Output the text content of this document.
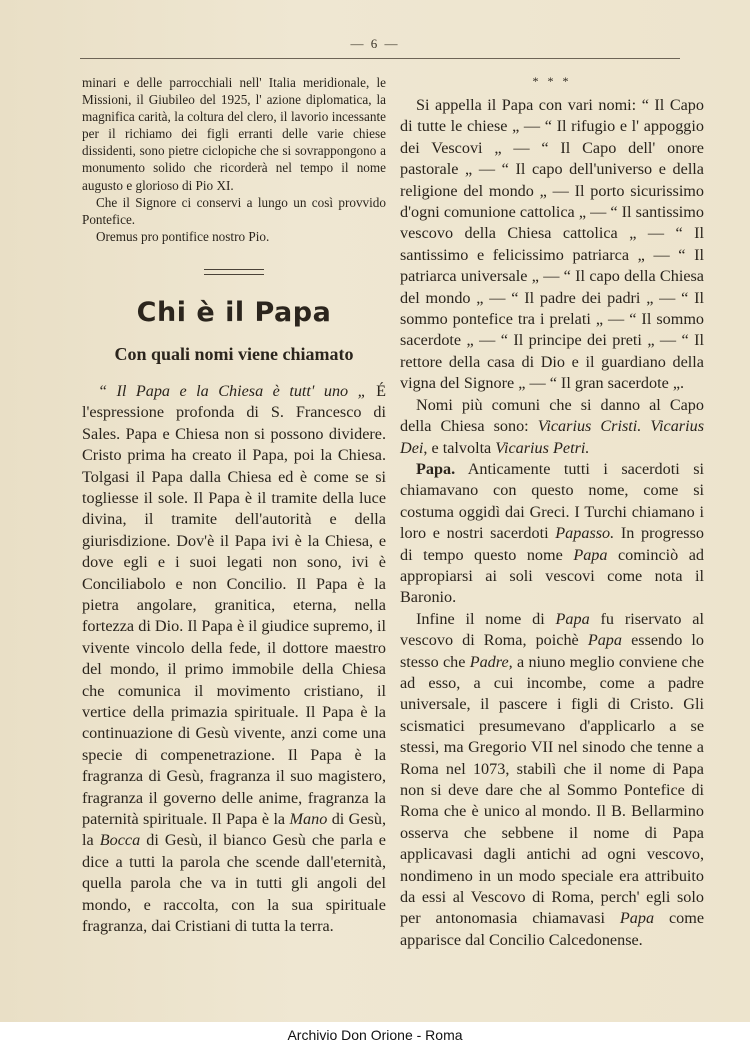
— 6 —

minari e delle parrocchiali nell' Italia meridionale, le Missioni, il Giubileo del 1925, l' azione diplomatica, la magnifica carità, la coltura del clero, il lavorio incessante per il richiamo dei figli erranti delle varie chiese dissidenti, sono pietre ciclopiche che si sovrappongono a monumento solido che ricorderà nel tempo il nome augusto e glorioso di Pio XI.

Che il Signore ci conservi a lungo un così provvido Pontefice.

Oremus pro pontifice nostro Pio.

Chi è il Papa
Con quali nomi viene chiamato

“ Il Papa e la Chiesa è tutt' uno „ É l'espressione profonda di S. Francesco di Sales. Papa e Chiesa non si possono dividere. Cristo prima ha creato il Papa, poi la Chiesa. Tolgasi il Papa dalla Chiesa ed è come se si togliesse il sole. Il Papa è il tramite della luce divina, il tramite dell'autorità e della giurisdizione. Dov'è il Papa ivi è la Chiesa, e dove egli e i suoi legati non sono, ivi è Conciliabolo e non Concilio. Il Papa è la pietra angolare, granitica, eterna, nella fortezza di Dio. Il Papa è il giudice supremo, il vivente vincolo della fede, il dottore maestro del mondo, il primo immobile della Chiesa che comunica il movimento cristiano, il vertice della primazia spirituale. Il Papa è la continuazione di Gesù vivente, anzi come una specie di compenetrazione. Il Papa è la fragranza di Gesù, fragranza il suo magistero, fragranza il governo delle anime, fragranza la paternità spirituale. Il Papa è la Mano di Gesù, la Bocca di Gesù, il bianco Gesù che parla e dice a tutti la parola che scende dall'eternità, quella parola che va in tutti gli angoli del mondo, e raccolta, con la sua spirituale fragranza, dai Cristiani di tutta la terra.

* * *

Si appella il Papa con vari nomi: “ Il Capo di tutte le chiese „ — “ Il rifugio e l' appoggio dei Vescovi „ — “ Il Capo dell' onore pastorale „ — “ Il capo dell'universo e della religione del mondo „ — Il porto sicurissimo d'ogni comunione cattolica „ — “ Il santissimo vescovo della Chiesa cattolica „ — “ Il santissimo e felicissimo patriarca „ — “ Il patriarca universale „ — “ Il capo della Chiesa del mondo „ — “ Il padre dei padri „ — “ Il sommo pontefice tra i prelati „ — “ Il sommo sacerdote „ — “ Il principe dei preti „ — “ Il rettore della casa di Dio e il guardiano della vigna del Signore „ — “ Il gran sacerdote „.

Nomi più comuni che si danno al Capo della Chiesa sono: Vicarius Cristi. Vicarius Dei, e talvolta Vicarius Petri.

Papa. Anticamente tutti i sacerdoti si chiamavano con questo nome, come si costuma oggidì dai Greci. I Turchi chiamano i loro e nostri sacerdoti Papasso. In progresso di tempo questo nome Papa cominciò ad appropiarsi ai soli vescovi come nota il Baronio.

Infine il nome di Papa fu riservato al vescovo di Roma, poichè Papa essendo lo stesso che Padre, a niuno meglio conviene che ad esso, a cui incombe, come a padre universale, il pascere i figli di Cristo. Gli scismatici presumevano d'applicarlo a se stessi, ma Gregorio VII nel sinodo che tenne a Roma nel 1073, stabilì che il nome di Papa non si deve dare che al Sommo Pontefice di Roma che è unico al mondo. Il B. Bellarmino osserva che sebbene il nome di Papa applicavasi dagli antichi ad ogni vescovo, nondimeno in un modo speciale era attribuito da essi al Vescovo di Roma, perch' egli solo per antonomasia chiamavasi Papa come apparisce dal Concilio Calcedonense.

Archivio Don Orione - Roma
